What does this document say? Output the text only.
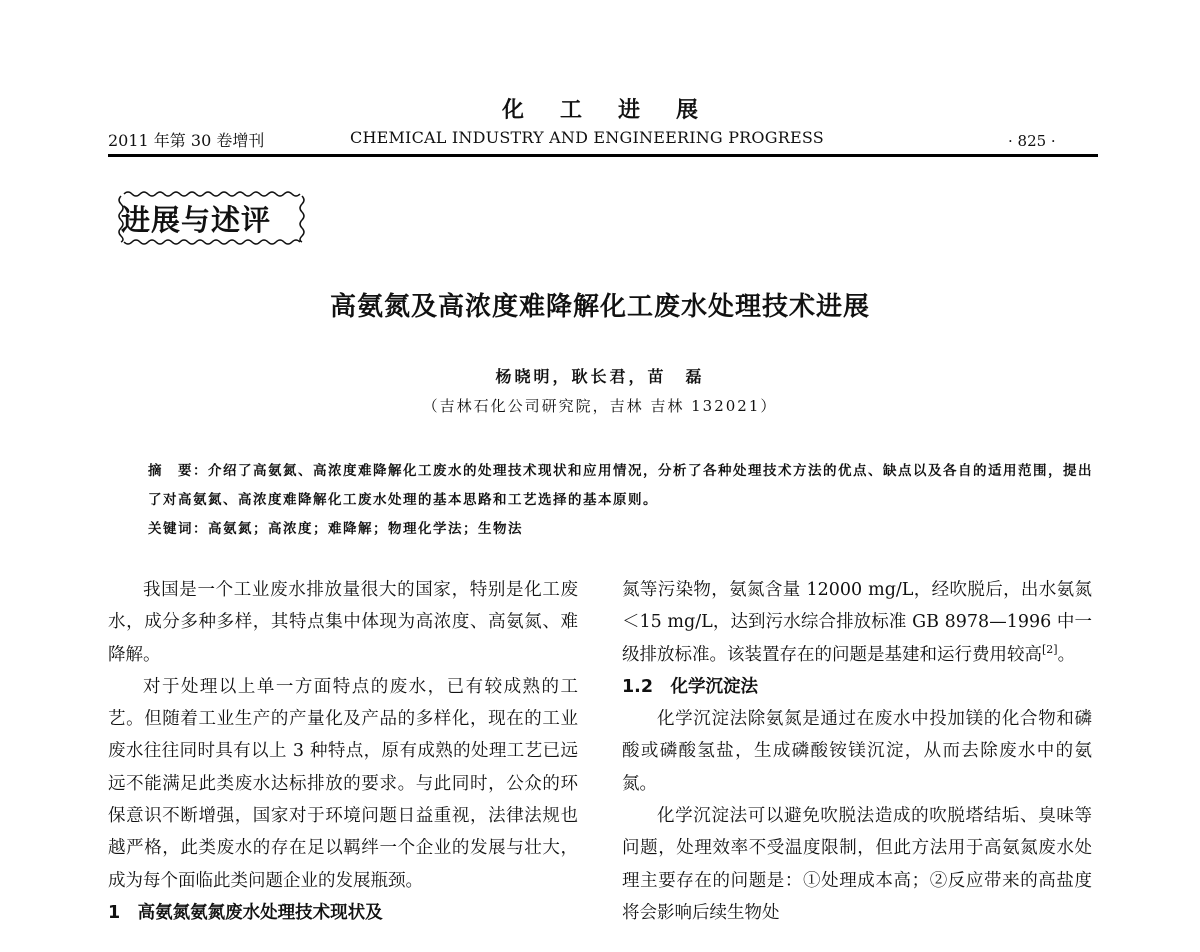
化工进展
2011 年第 30 卷增刊	CHEMICAL INDUSTRY AND ENGINEERING PROGRESS	· 825 ·
进展与述评
高氨氮及高浓度难降解化工废水处理技术进展
杨晓明，耿长君，苗　磊
（吉林石化公司研究院，吉林 吉林 132021）
摘　要：介绍了高氨氮、高浓度难降解化工废水的处理技术现状和应用情况，分析了各种处理技术方法的优点、缺点以及各自的适用范围，提出了对高氨氮、高浓度难降解化工废水处理的基本思路和工艺选择的基本原则。
关键词：高氨氮；高浓度；难降解；物理化学法；生物法

我国是一个工业废水排放量很大的国家，特别是化工废水，成分多种多样，其特点集中体现为高浓度、高氨氮、难降解。

对于处理以上单一方面特点的废水，已有较成熟的工艺。但随着工业生产的产量化及产品的多样化，现在的工业废水往往同时具有以上 3 种特点，原有成熟的处理工艺已远远不能满足此类废水达标排放的要求。与此同时，公众的环保意识不断增强，国家对于环境问题日益重视，法律法规也越严格，此类废水的存在足以羁绊一个企业的发展与壮大，成为每个面临此类问题企业的发展瓶颈。

1　高氨氮氨氮废水处理技术现状及

氮等污染物，氨氮含量 12000 mg/L，经吹脱后，出水氨氮＜15 mg/L，达到污水综合排放标准 GB 8978—1996 中一级排放标准。该装置存在的问题是基建和运行费用较高[2]。

1.2　化学沉淀法

化学沉淀法除氨氮是通过在废水中投加镁的化合物和磷酸或磷酸氢盐，生成磷酸铵镁沉淀，从而去除废水中的氨氮。

化学沉淀法可以避免吹脱法造成的吹脱塔结垢、臭味等问题，处理效率不受温度限制，但此方法用于高氨氮废水处理主要存在的问题是：①处理成本高；②反应带来的高盐度将会影响后续生物处
